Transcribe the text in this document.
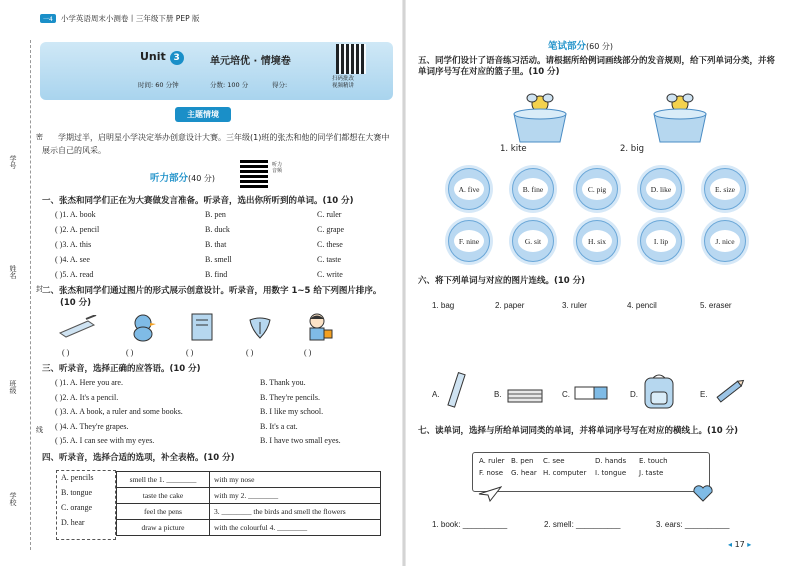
一4 小学英语周末小测卷丨三年级下册 PEP 版
Unit 3	单元培优 · 情境卷
时间: 60 分钟	分数: 100 分	得分:
扫码批改
视频精讲
主题情境
学期过半，启明星小学决定举办创意设计大赛。三年级(1)班的张杰和他的同学们都想在大赛中展示自己的风采。
学号
姓名
班级
学校
密
封
线
听力部分(40 分)
听力音频
一、张杰和同学们正在为大赛做发言准备。听录音，选出你所听到的单词。(10 分)
( )1. A. book	B. pen	C. ruler
( )2. A. pencil	B. duck	C. grape
( )3. A. this	B. that	C. these
( )4. A. see	B. smell	C. taste
( )5. A. read	B. find	C. write
二、张杰和同学们通过图片的形式展示创意设计。听录音，用数字 1~5 给下列图片排序。
(10 分)
( )	( )	( )	( )	( )
三、听录音，选择正确的应答语。(10 分)
( )1. A. Here you are.	B. Thank you.
( )2. A. It's a pencil.	B. They're pencils.
( )3. A. A book, a ruler and some books.	B. I like my school.
( )4. A. They're grapes.	B. It's a cat.
( )5. A. I can see with my eyes.	B. I have two small eyes.
四、听录音，选择合适的选项，补全表格。(10 分)
A. pencils
B. tongue
C. orange
D. hear
smell the 1. ________	with my nose
taste the cake	with my 2. ________
feel the pens	3. ________ the birds and smell the flowers
draw a picture	with the colourful 4. ________
笔试部分(60 分)
五、同学们设计了语音练习活动。请根据所给例词画线部分的发音规则，给下列单词分类，并将单词序号写在对应的篮子里。(10 分)
1. kite	2. big
A. five	B. fine	C. pig	D. like	E. size
F. nine	G. sit	H. six	I. lip	J. nice
六、将下列单词与对应的图片连线。(10 分)
1. bag	2. paper	3. ruler	4. pencil	5. eraser
A.	B.	C.	D.	E.
七、读单词，选择与所给单词同类的单词，并将单词序号写在对应的横线上。(10 分)
A. ruler B. pen	C. see	D. hands	E. touch
F. nose	G. hear H. computer	I. tongue	J. taste
1. book: __________	2. smell: __________	3. ears: __________
◂ 17 ▸
